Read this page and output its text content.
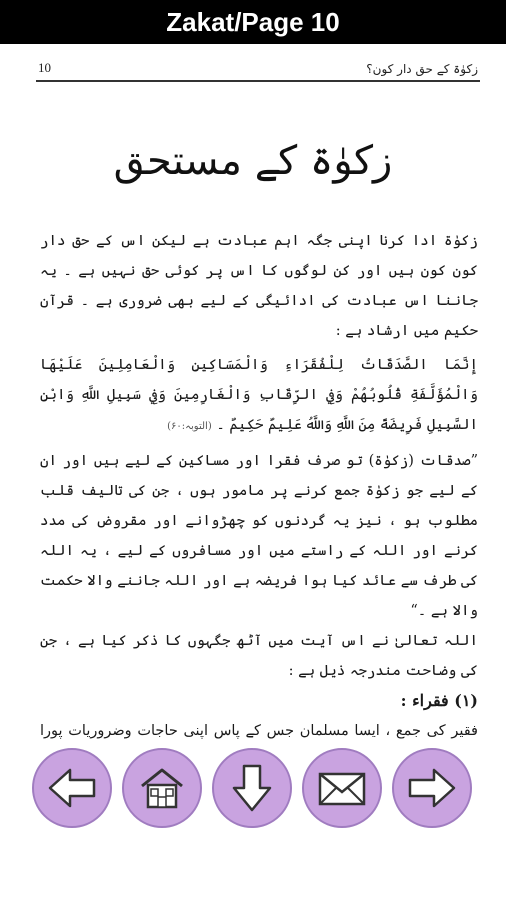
Zakat/Page 10
10	زکوٰۃ کے حق دار کون؟
زکوٰۃ کے مستحق

زکوٰۃ ادا کرنا اپنی جگہ اہم عبادت ہے لیکن اس کے حق دار کون کون ہیں اور کن لوگوں کا اس پر کوئی حق نہیں ہے ۔ یہ جاننا اس عبادت کی ادائیگی کے لیے بھی ضروری ہے ۔ قرآن حکیم میں ارشاد ہے :

إِنَّمَا الصَّدَقَاتُ لِلْفُقَرَاءِ وَالْمَسَاكِينِ وَالْعَامِلِينَ عَلَيْهَا وَالْمُؤَلَّفَةِ قُلُوبُهُمْ وَفِي الرِّقَابِ وَالْغَارِمِينَ وَفِي سَبِيلِ اللَّهِ وَابْنِ السَّبِيلِ فَرِيضَةً مِنَ اللَّهِ وَاللَّهُ عَلِيمٌ حَكِيمٌ ۔ (التوبہ:۶۰)

”صدقات (زکوٰۃ) تو صرف فقرا اور مساکین کے لیے ہیں اور ان کے لیے جو زکوٰۃ جمع کرنے پر مامور ہوں ، جن کی تالیف قلب مطلوب ہو ، نیز یہ گردنوں کو چھڑوانے اور مقروض کی مدد کرنے اور اللہ کے راستے میں اور مسافروں کے لیے ، یہ اللہ کی طرف سے عائد کیا ہوا فریضہ ہے اور اللہ جاننے والا حکمت والا ہے ۔“

اللہ تعالیٰ نے اس آیت میں آٹھ جگہوں کا ذکر کیا ہے ، جن کی وضاحت مندرجہ ذیل ہے :

(۱) فقراء :

فقیر کی جمع ، ایسا مسلمان جس کے پاس اپنی حاجات وضروریات پورا
